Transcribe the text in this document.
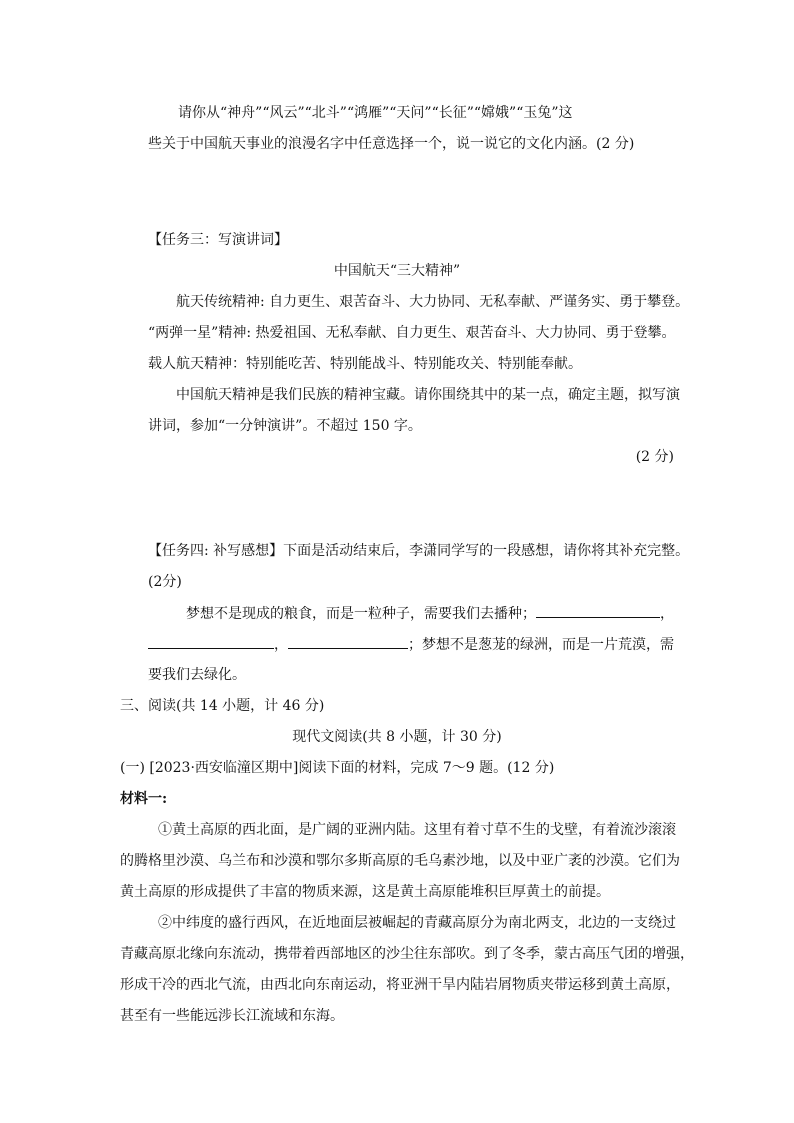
请你从“神舟”“风云”“北斗”“鸿雁”“天问”“长征”“嫦娥”“玉兔”这
些关于中国航天事业的浪漫名字中任意选择一个，说一说它的文化内涵。(2 分)
【任务三：写演讲词】
中国航天“三大精神”
航天传统精神: 自力更生、艰苦奋斗、大力协同、无私奉献、严谨务实、勇于攀登。
“两弹一星”精神: 热爱祖国、无私奉献、自力更生、艰苦奋斗、大力协同、勇于登攀。
载人航天精神：特别能吃苦、特别能战斗、特别能攻关、特别能奉献。
中国航天精神是我们民族的精神宝藏。请你围绕其中的某一点，确定主题，拟写演
讲词，参加“一分钟演讲”。不超过 150 字。
(2 分)
【任务四: 补写感想】下面是活动结束后，李潇同学写的一段感想，请你将其补充完整。
(2分)
梦想不是现成的粮食，而是一粒种子，需要我们去播种；	，
，	；梦想不是葱茏的绿洲，而是一片荒漠，需
要我们去绿化。
三、阅读(共 14 小题，计 46 分)
现代文阅读(共 8 小题，计 30 分)
(一) [2023·西安临潼区期中]阅读下面的材料，完成 7～9 题。(12 分)
材料一:
①黄土高原的西北面，是广阔的亚洲内陆。这里有着寸草不生的戈壁，有着流沙滚滚
的腾格里沙漠、乌兰布和沙漠和鄂尔多斯高原的毛乌素沙地，以及中亚广袤的沙漠。它们为
黄土高原的形成提供了丰富的物质来源，这是黄土高原能堆积巨厚黄土的前提。
②中纬度的盛行西风，在近地面层被崛起的青藏高原分为南北两支，北边的一支绕过
青藏高原北缘向东流动，携带着西部地区的沙尘往东部吹。到了冬季，蒙古高压气团的增强，
形成干冷的西北气流，由西北向东南运动，将亚洲干旱内陆岩屑物质夹带运移到黄土高原，
甚至有一些能远涉长江流域和东海。
